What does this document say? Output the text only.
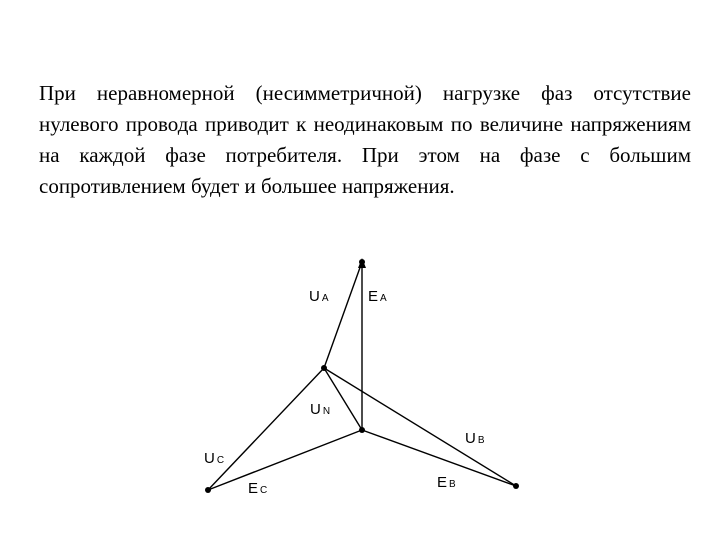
При неравномерной (несимметричной) нагрузке фаз отсутствие нулевого провода приводит к неодинаковым по величине напряжениям на каждой фазе потребителя. При этом на фазе с большим сопротивлением будет и большее напряжения.

U A	E A
U N
U C
E C
U B
E B
